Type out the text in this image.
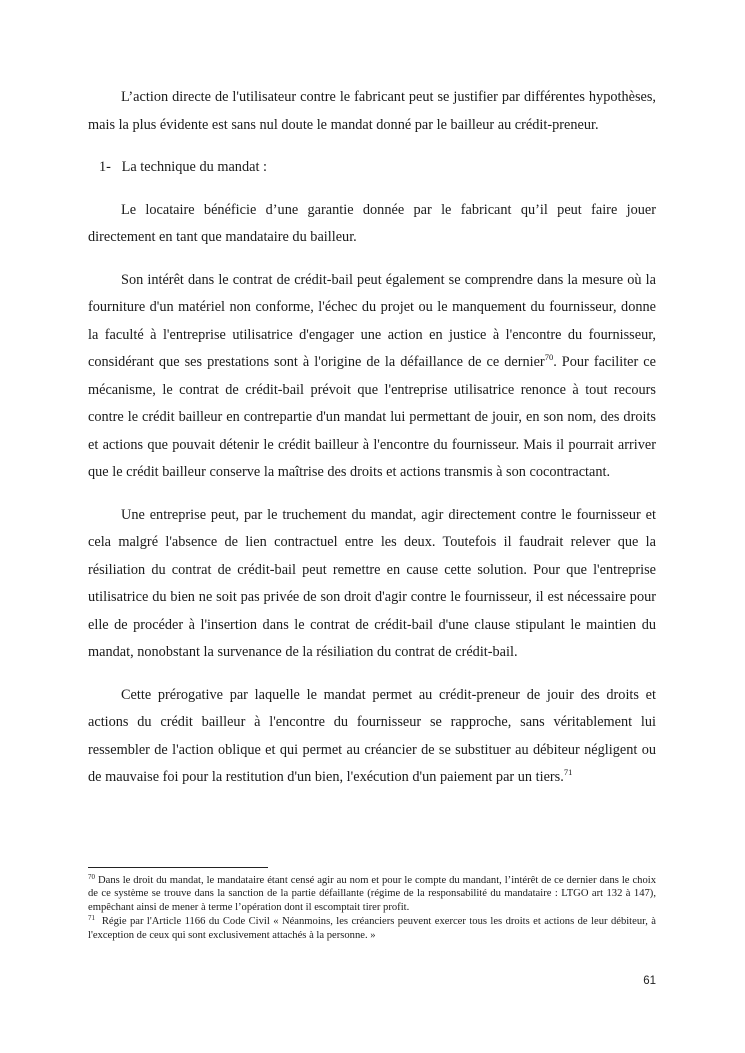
L’action directe de l'utilisateur contre le fabricant peut se justifier par différentes hypothèses, mais la plus évidente est sans nul doute le mandat donné par le bailleur au crédit-preneur.

1- La technique du mandat :

Le locataire bénéficie d’une garantie donnée par le fabricant qu’il peut faire jouer directement en tant que mandataire du bailleur.

Son intérêt dans le contrat de crédit-bail peut également se comprendre dans la mesure où la fourniture d'un matériel non conforme, l'échec du projet ou le manquement du fournisseur, donne la faculté à l'entreprise utilisatrice d'engager une action en justice à l'encontre du fournisseur, considérant que ses prestations sont à l'origine de la défaillance de ce dernier$^{70}$. Pour faciliter ce mécanisme, le contrat de crédit-bail prévoit que l'entreprise utilisatrice renonce à tout recours contre le crédit bailleur en contrepartie d'un mandat lui permettant de jouir, en son nom, des droits et actions que pouvait détenir le crédit bailleur à l'encontre du fournisseur. Mais il pourrait arriver que le crédit bailleur conserve la maîtrise des droits et actions transmis à son cocontractant.

Une entreprise peut, par le truchement du mandat, agir directement contre le fournisseur et cela malgré l'absence de lien contractuel entre les deux. Toutefois il faudrait relever que la résiliation du contrat de crédit-bail peut remettre en cause cette solution. Pour que l'entreprise utilisatrice du bien ne soit pas privée de son droit d'agir contre le fournisseur, il est nécessaire pour elle de procéder à l'insertion dans le contrat de crédit-bail d'une clause stipulant le maintien du mandat, nonobstant la survenance de la résiliation du contrat de crédit-bail.

Cette prérogative par laquelle le mandat permet au crédit-preneur de jouir des droits et actions du crédit bailleur à l'encontre du fournisseur se rapproche, sans véritablement lui ressembler de l'action oblique et qui permet au créancier de se substituer au débiteur négligent ou de mauvaise foi pour la restitution d'un bien, l'exécution d'un paiement par un tiers.$^{71}$

$^{70}$ Dans le droit du mandat, le mandataire étant censé agir au nom et pour le compte du mandant, l’intérêt de ce dernier dans le choix de ce système se trouve dans la sanction de la partie défaillante (régime de la responsabilité du mandataire : LTGO art 132 à 147), empêchant ainsi de mener à terme l’opération dont il escomptait tirer profit.

$^{71}$ Régie par l'Article 1166 du Code Civil « Néanmoins, les créanciers peuvent exercer tous les droits et actions de leur débiteur, à l'exception de ceux qui sont exclusivement attachés à la personne. »

61
